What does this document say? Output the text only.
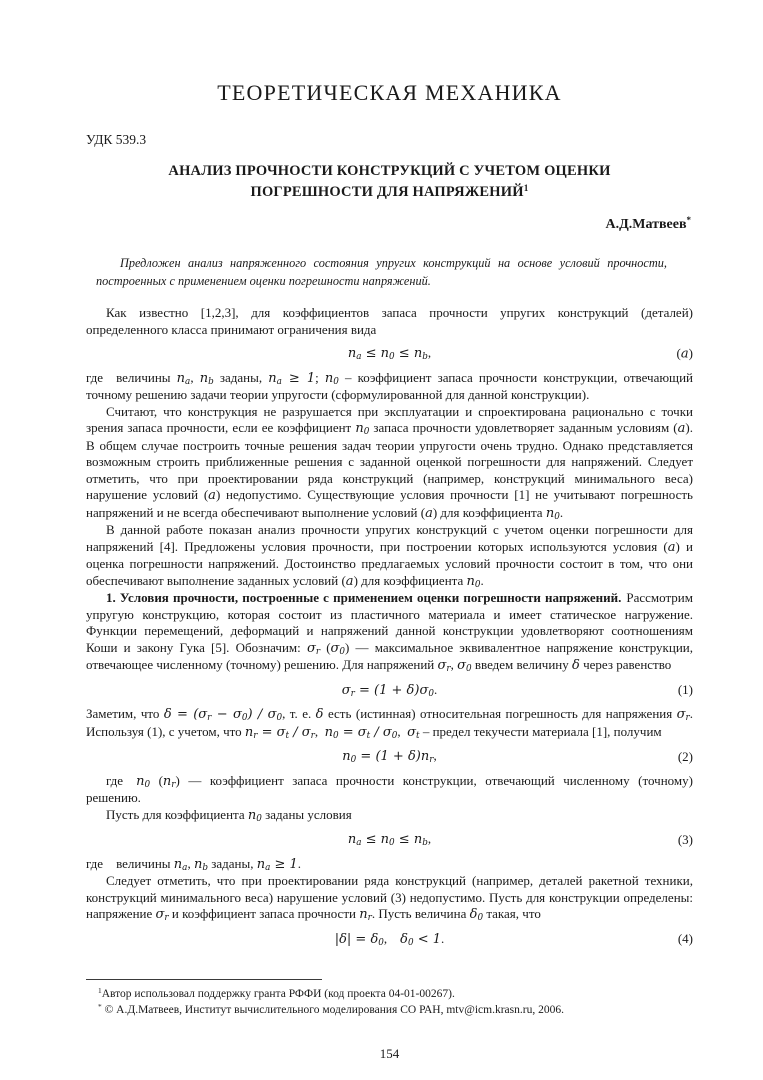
ТЕОРЕТИЧЕСКАЯ МЕХАНИКА
УДК 539.3
АНАЛИЗ ПРОЧНОСТИ КОНСТРУКЦИЙ С УЧЕТОМ ОЦЕНКИ ПОГРЕШНОСТИ ДЛЯ НАПРЯЖЕНИЙ$^1$
А.Д.Матвеев*
Предложен анализ напряженного состояния упругих конструкций на основе условий прочности, построенных с применением оценки погрешности напряжений.

Как известно [1,2,3], для коэффициентов запаса прочности упругих конструкций (деталей) определенного класса принимают ограничения вида

$n_a \le n_0 \le n_b$,	(a)

где  величины $n_a$, $n_b$ заданы, $n_a \ge 1$; $n_0$ – коэффициент запаса прочности конструкции, отвечающий точному решению задачи теории упругости (сформулированной для данной конструкции).

Считают, что конструкция не разрушается при эксплуатации и спроектирована рационально с точки зрения запаса прочности, если ее коэффициент $n_0$ запаса прочности удовлетворяет заданным условиям (a). В общем случае построить точные решения задач теории упругости очень трудно. Однако представляется возможным строить приближенные решения с заданной оценкой погрешности для напряжений. Следует отметить, что при проектировании ряда конструкций (например, конструкций минимального веса) нарушение условий (a) недопустимо. Существующие условия прочности [1] не учитывают погрешность напряжений и не всегда обеспечивают выполнение условий (a) для коэффициента $n_0$.

В данной работе показан анализ прочности упругих конструкций с учетом оценки погрешности для напряжений [4]. Предложены условия прочности, при построении которых используются условия (a) и оценка погрешности напряжений. Достоинство предлагаемых условий прочности состоит в том, что они обеспечивают выполнение заданных условий (a) для коэффициента $n_0$.

1. Условия прочности, построенные с применением оценки погрешности напряжений. Рассмотрим упругую конструкцию, которая состоит из пластичного материала и имеет статическое нагружение. Функции перемещений, деформаций и напряжений данной конструкции удовлетворяют соотношениям Коши и закону Гука [5]. Обозначим: $\sigma_r$ $(\sigma_0)$ — максимальное эквивалентное напряжение конструкции, отвечающее численному (точному) решению. Для напряжений $\sigma_r$, $\sigma_0$ введем величину δ через равенство

$\sigma_r = (1 + \delta)\sigma_0$.	(1)

Заметим, что $\delta = (\sigma_r - \sigma_0) / \sigma_0$, т. е. δ есть (истинная) относительная погрешность для напряжения $\sigma_r$. Используя (1), с учетом, что $n_r = \sigma_t / \sigma_r$, $n_0 = \sigma_t / \sigma_0$, $\sigma_t$ – предел текучести материала [1], получим

$n_0 = (1 + \delta)n_r$,	(2)

где  $n_0$ $(n_r)$ — коэффициент запаса прочности конструкции, отвечающий численному (точному) решению.

Пусть для коэффициента $n_0$ заданы условия

$n_a \le n_0 \le n_b$,	(3)

где  величины $n_a$, $n_b$ заданы, $n_a \ge 1$.

Следует отметить, что при проектировании ряда конструкций (например, деталей ракетной техники, конструкций минимального веса) нарушение условий (3) недопустимо. Пусть для конструкции определены: напряжение $\sigma_r$ и коэффициент запаса прочности $n_r$. Пусть величина $\delta_0$ такая, что

$|\delta| = \delta_0$, $\delta_0 < 1$.	(4)
$^1$Автор использовал поддержку гранта РФФИ (код проекта 04-01-00267).
* © А.Д.Матвеев, Институт вычислительного моделирования СО РАН, mtv@icm.krasn.ru, 2006.
154
